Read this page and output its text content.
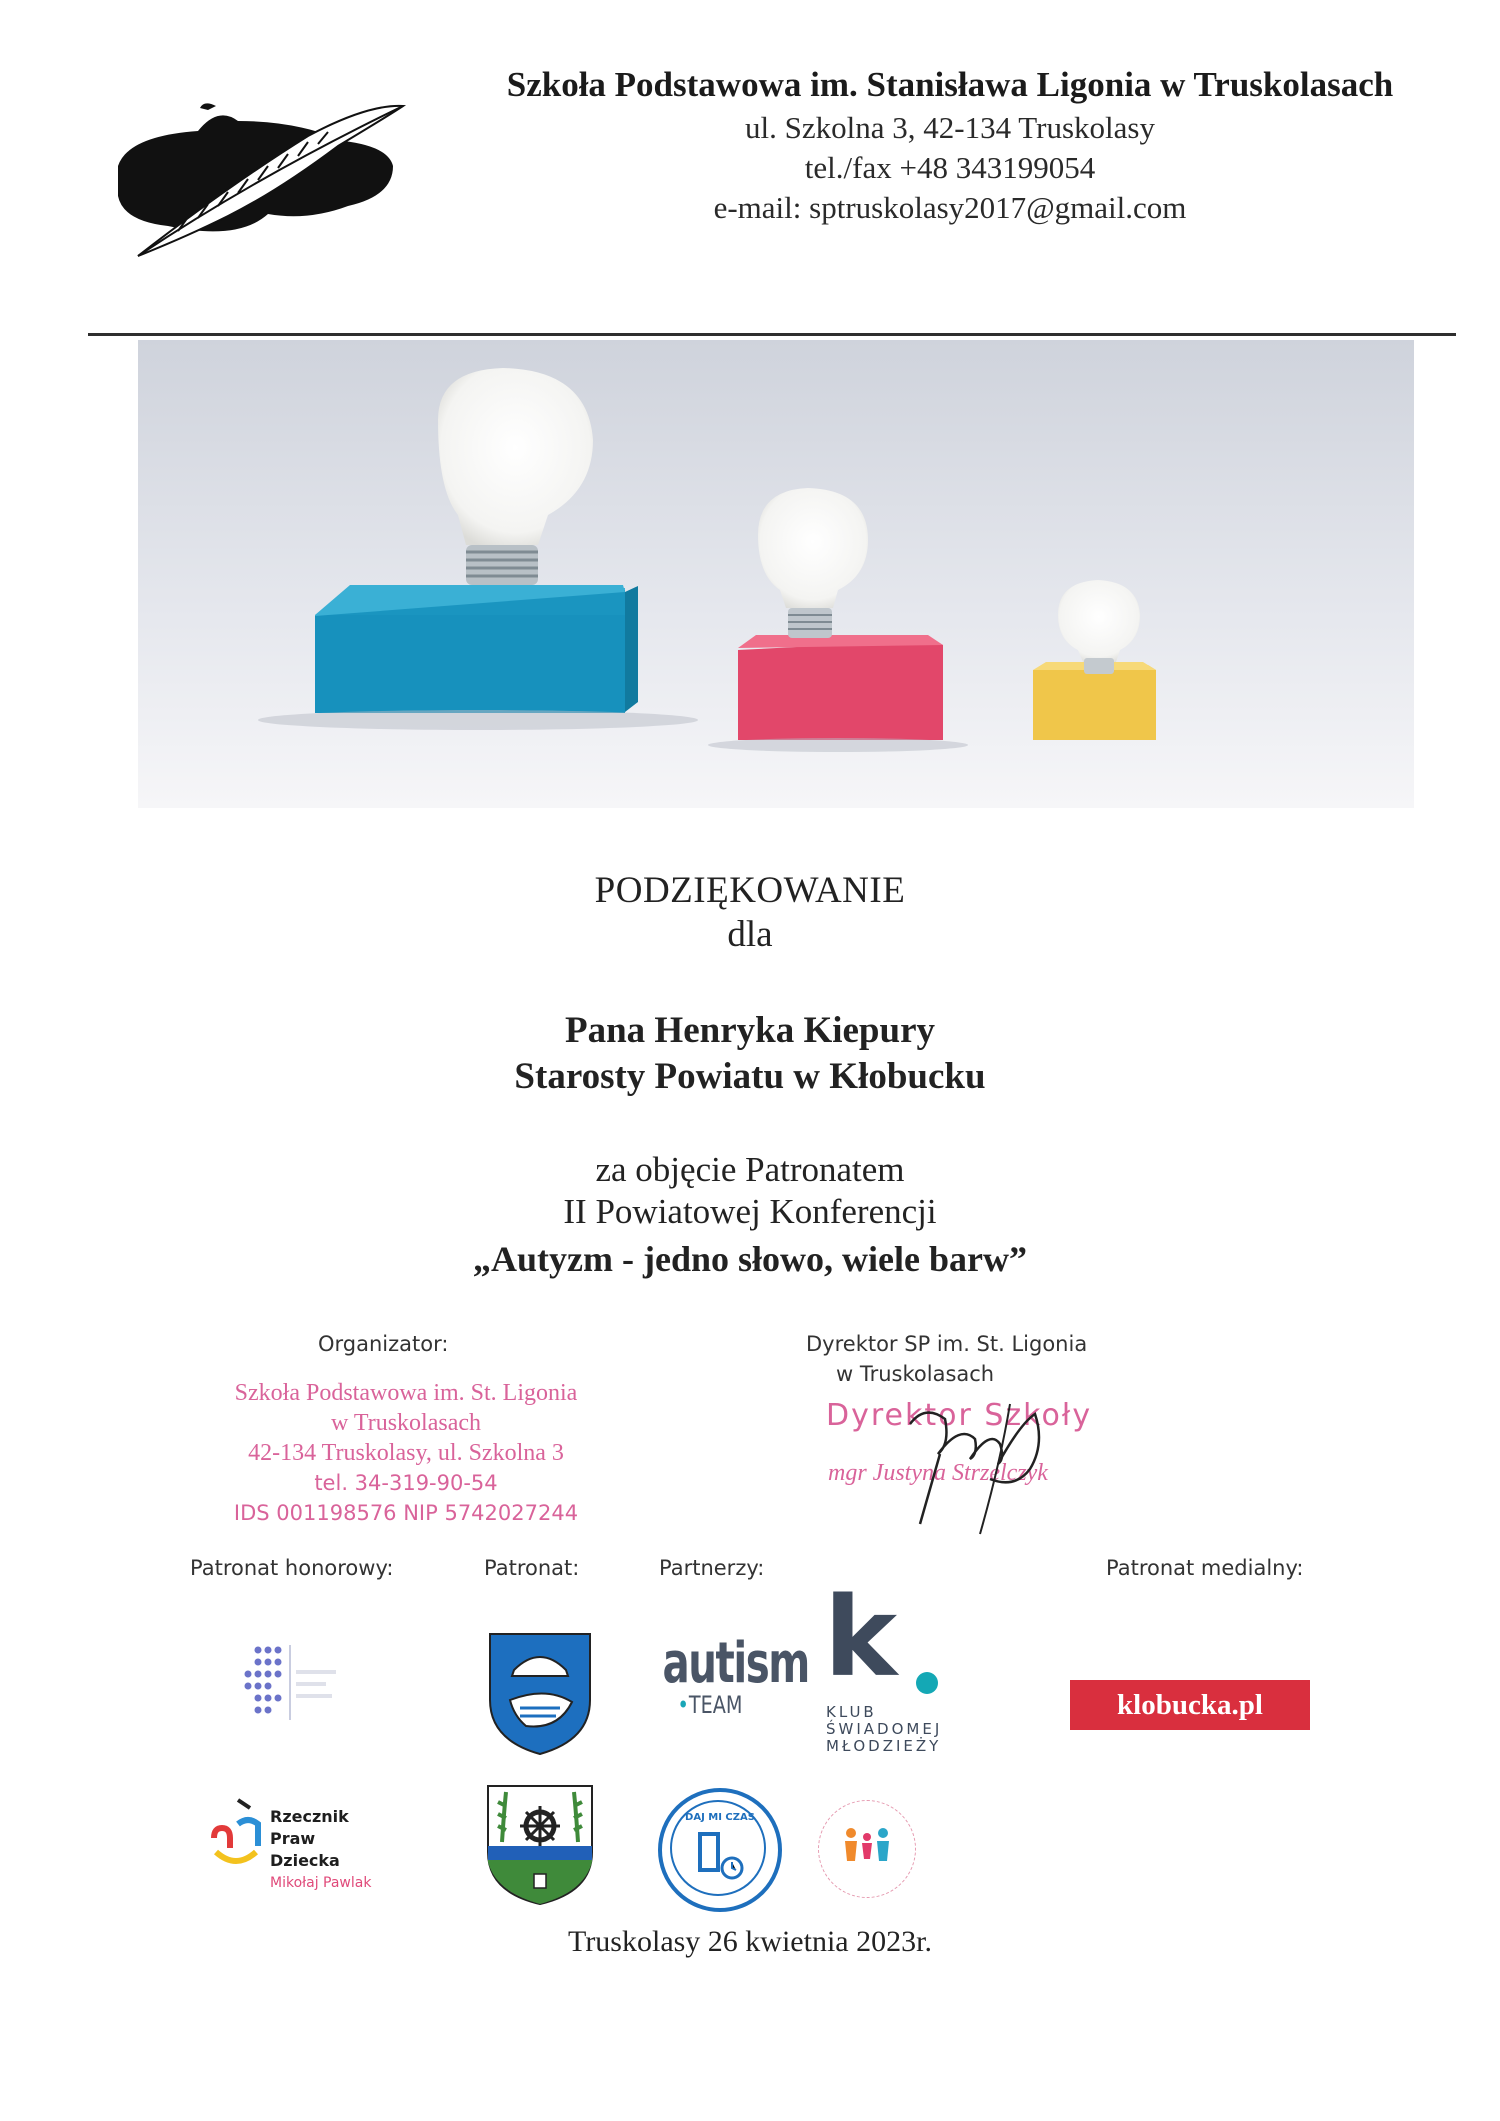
Szkoła Podstawowa im. Stanisława Ligonia w Truskolasach
ul. Szkolna 3, 42-134 Truskolasy
tel./fax +48 343199054
e-mail: sptruskolasy2017@gmail.com
PODZIĘKOWANIE
dla
Pana Henryka Kiepury
Starosty Powiatu w Kłobucku
za objęcie Patronatem
II Powiatowej Konferencji
„Autyzm - jedno słowo, wiele barw”
Organizator:
Szkoła Podstawowa im. St. Ligonia
w Truskolasach
42-134 Truskolasy, ul. Szkolna 3
tel. 34-319-90-54
IDS 001198576 NIP 5742027244
Dyrektor SP im. St. Ligonia
w Truskolasach
Dyrektor Szkoły
mgr Justyna Strzelczyk
Patronat honorowy:	Patronat:	Partnerzy:	Patronat medialny:
autism
•TEAM
k
KLUB
ŚWIADOMEJ
MŁODZIEŻY
klobucka.pl
Rzecznik
Praw Dziecka
Mikołaj Pawlak
DAJ MI CZAS
Truskolasy 26 kwietnia 2023r.
